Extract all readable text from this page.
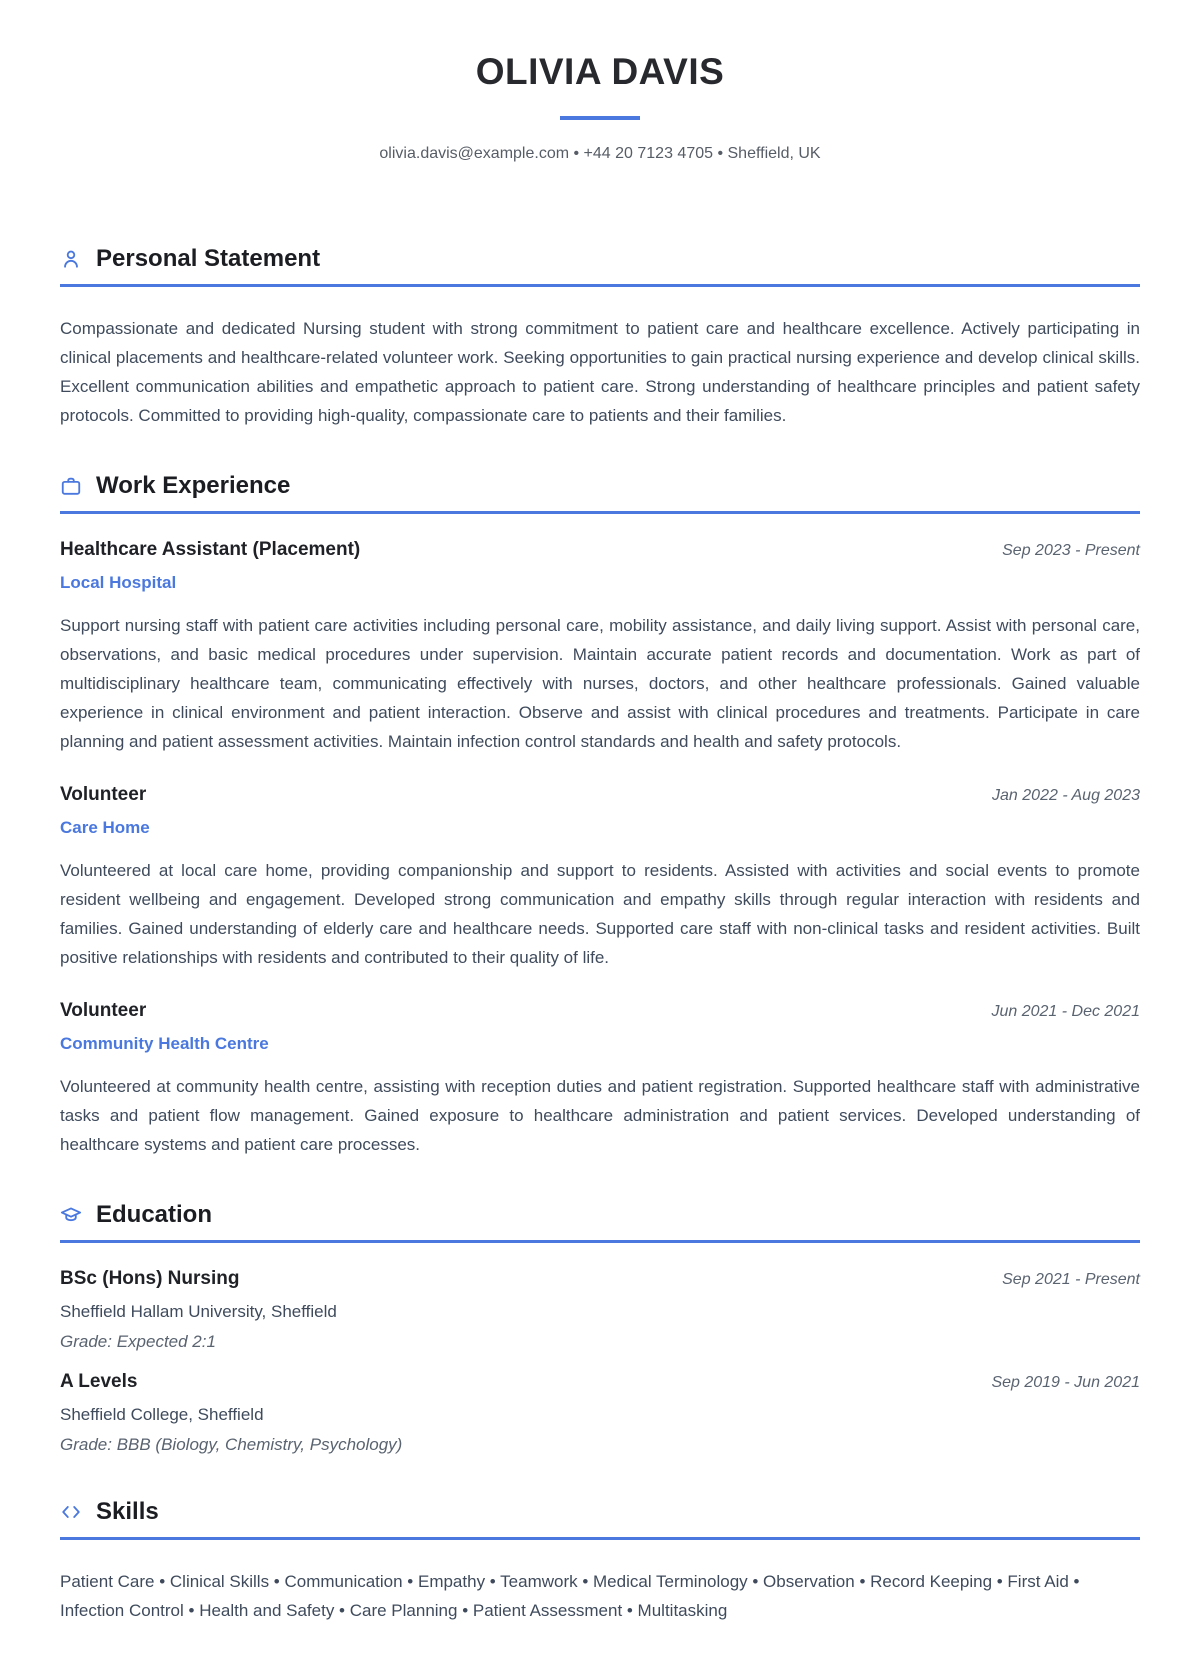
OLIVIA DAVIS

olivia.davis@example.com • +44 20 7123 4705 • Sheffield, UK

Personal Statement

Compassionate and dedicated Nursing student with strong commitment to patient care and healthcare excellence. Actively participating in clinical placements and healthcare-related volunteer work. Seeking opportunities to gain practical nursing experience and develop clinical skills. Excellent communication abilities and empathetic approach to patient care. Strong understanding of healthcare principles and patient safety protocols. Committed to providing high-quality, compassionate care to patients and their families.

Work Experience
Healthcare Assistant (Placement)	Sep 2023 - Present
Local Hospital

Support nursing staff with patient care activities including personal care, mobility assistance, and daily living support. Assist with personal care, observations, and basic medical procedures under supervision. Maintain accurate patient records and documentation. Work as part of multidisciplinary healthcare team, communicating effectively with nurses, doctors, and other healthcare professionals. Gained valuable experience in clinical environment and patient interaction. Observe and assist with clinical procedures and treatments. Participate in care planning and patient assessment activities. Maintain infection control standards and health and safety protocols.

Volunteer	Jan 2022 - Aug 2023
Care Home

Volunteered at local care home, providing companionship and support to residents. Assisted with activities and social events to promote resident wellbeing and engagement. Developed strong communication and empathy skills through regular interaction with residents and families. Gained understanding of elderly care and healthcare needs. Supported care staff with non-clinical tasks and resident activities. Built positive relationships with residents and contributed to their quality of life.

Volunteer	Jun 2021 - Dec 2021
Community Health Centre

Volunteered at community health centre, assisting with reception duties and patient registration. Supported healthcare staff with administrative tasks and patient flow management. Gained exposure to healthcare administration and patient services. Developed understanding of healthcare systems and patient care processes.

Education
BSc (Hons) Nursing	Sep 2021 - Present
Sheffield Hallam University, Sheffield
Grade: Expected 2:1
A Levels	Sep 2019 - Jun 2021
Sheffield College, Sheffield
Grade: BBB (Biology, Chemistry, Psychology)
Skills

Patient Care • Clinical Skills • Communication • Empathy • Teamwork • Medical Terminology • Observation • Record Keeping • First Aid • Infection Control • Health and Safety • Care Planning • Patient Assessment • Multitasking
